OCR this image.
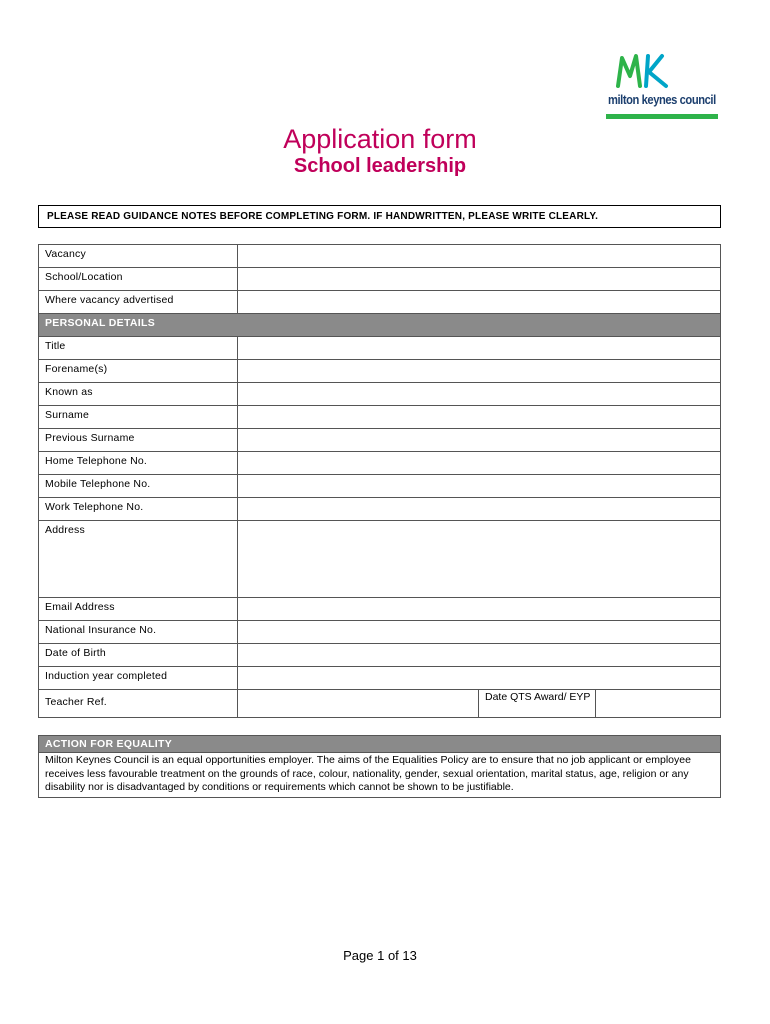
milton keynes council
Application form
School leadership
PLEASE READ GUIDANCE NOTES BEFORE COMPLETING FORM. IF HANDWRITTEN, PLEASE WRITE CLEARLY.
Vacancy
School/Location
Where vacancy advertised
PERSONAL DETAILS
Title
Forename(s)
Known as
Surname
Previous Surname
Home Telephone No.
Mobile Telephone No.
Work Telephone No.
Address
Email Address
National Insurance No.
Date of Birth
Induction year completed
Teacher Ref.	Date QTS Award/ EYP
ACTION FOR EQUALITY
Milton Keynes Council is an equal opportunities employer. The aims of the Equalities Policy are to ensure that no job applicant or employee receives less favourable treatment on the grounds of race, colour, nationality, gender, sexual orientation, marital status, age, religion or any disability nor is disadvantaged by conditions or requirements which cannot be shown to be justifiable.
Page 1 of 13
